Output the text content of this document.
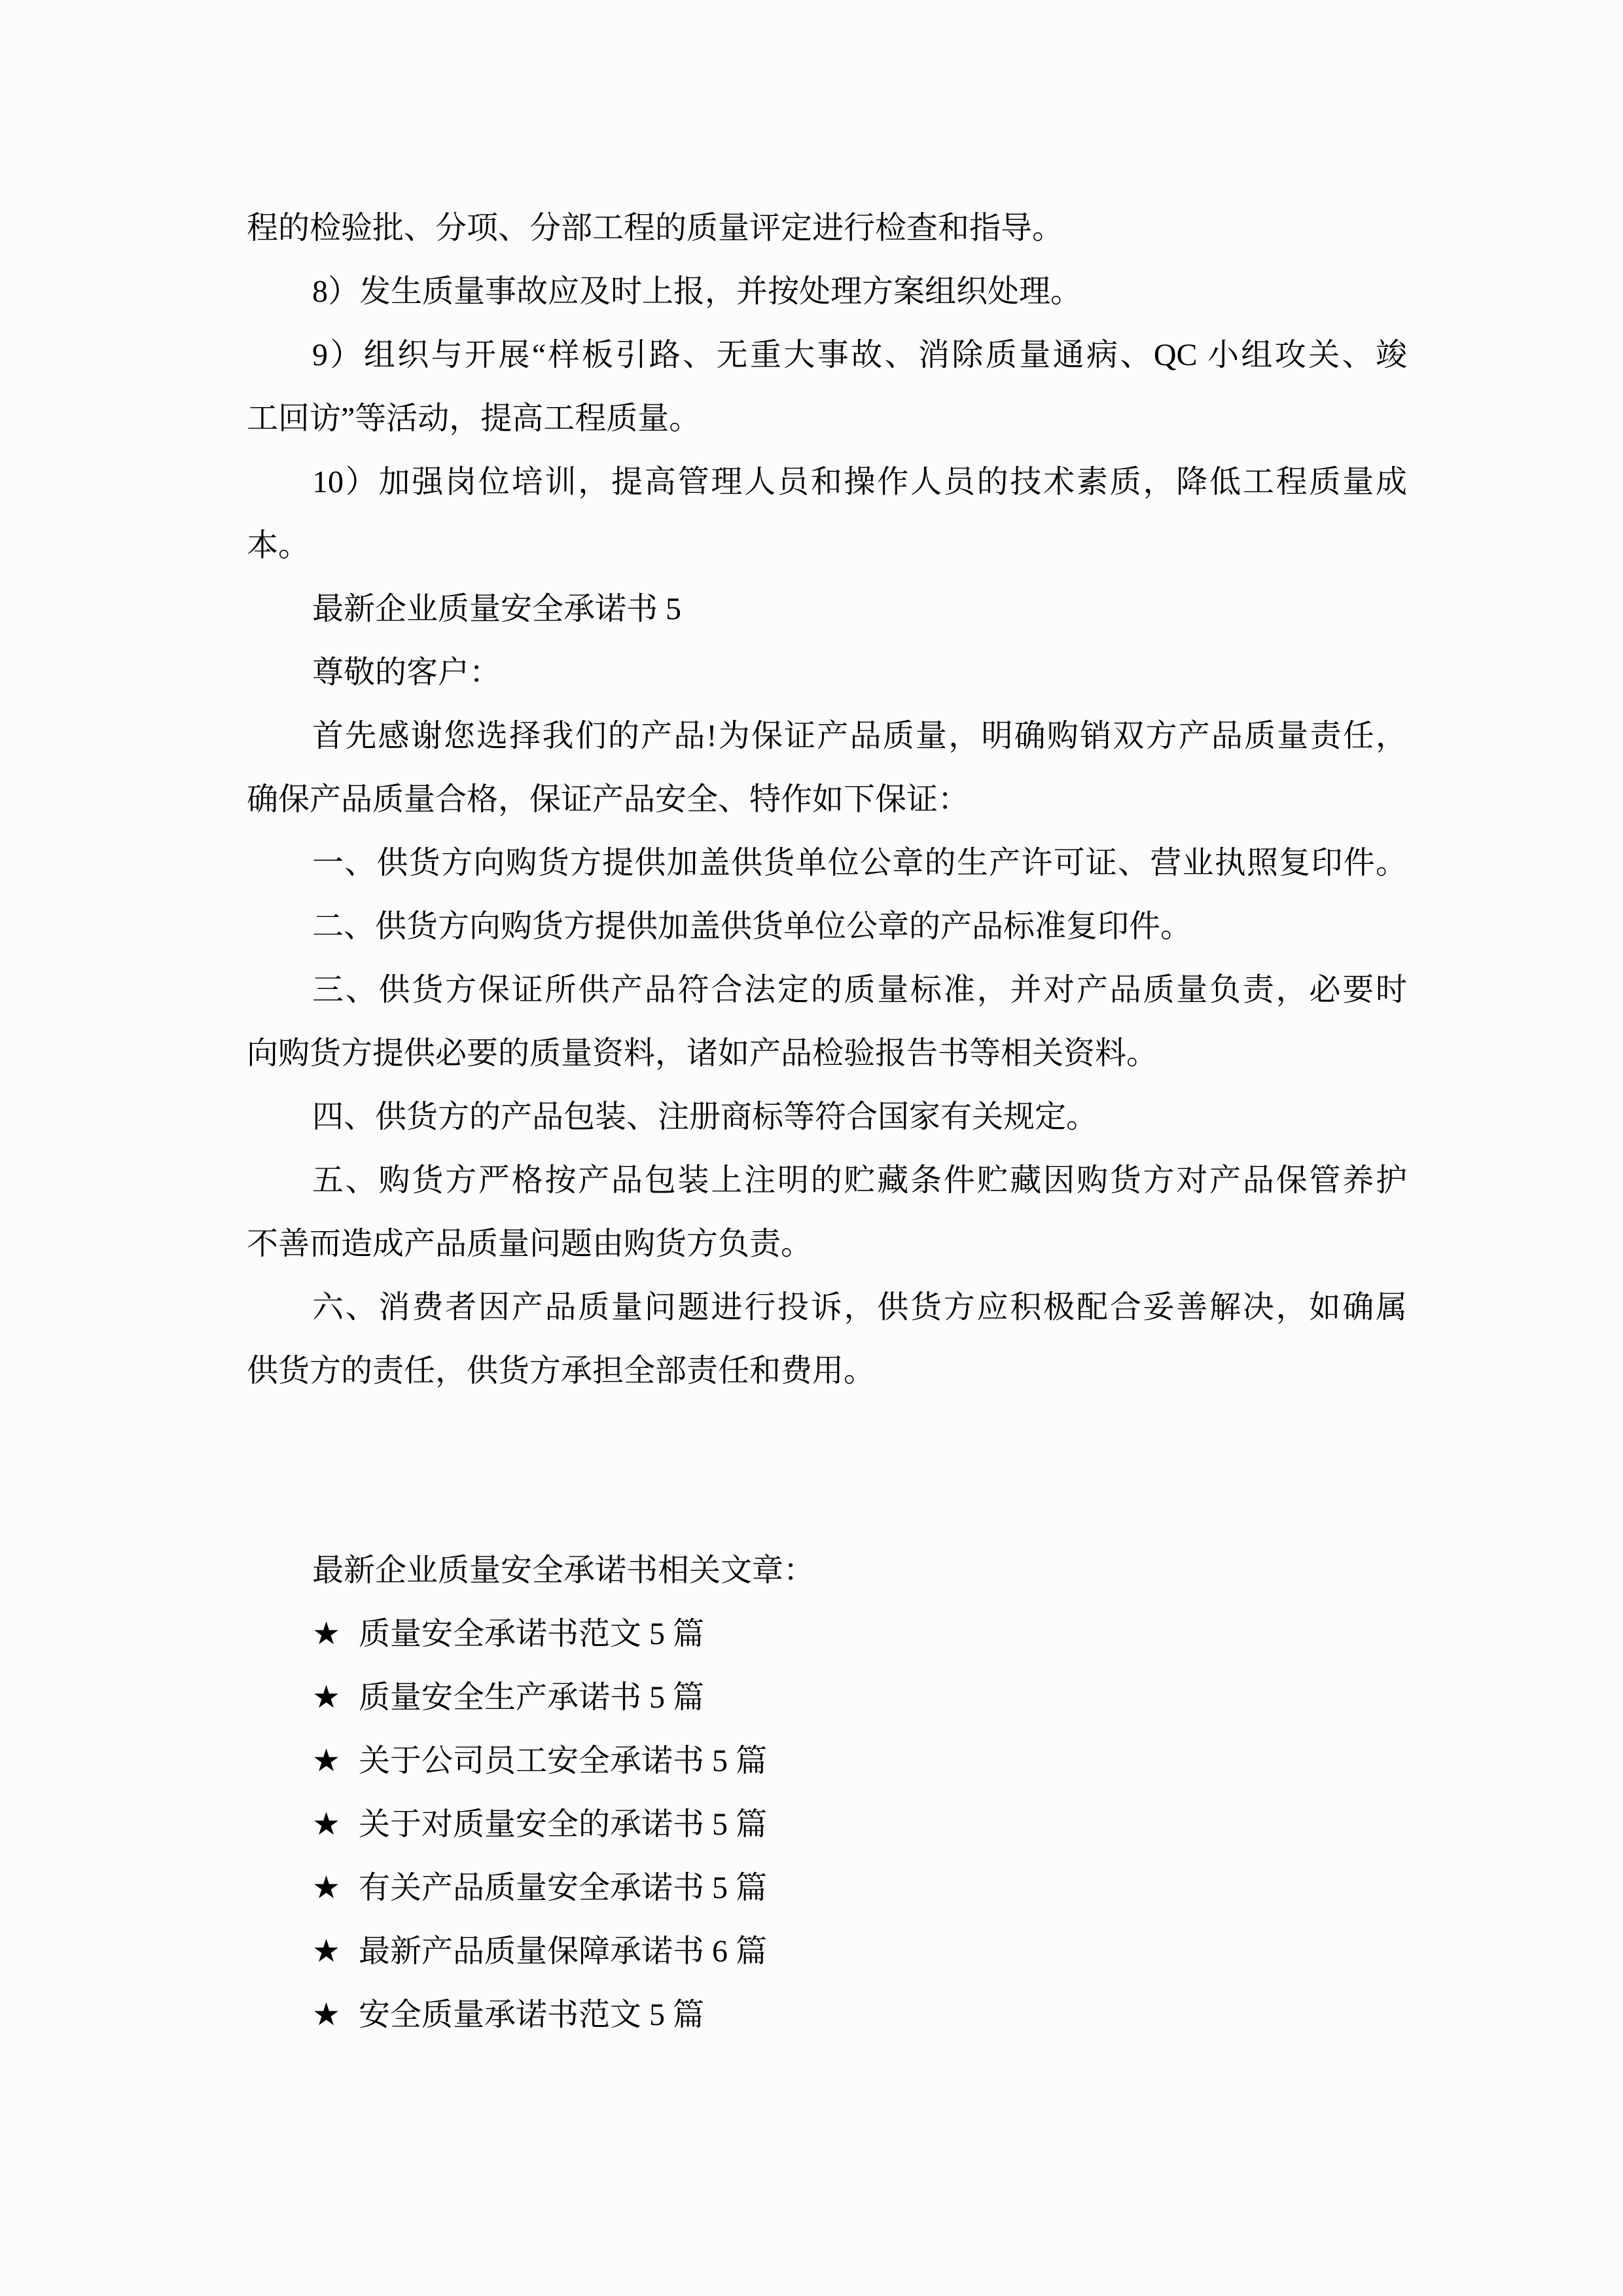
程的检验批、分项、分部工程的质量评定进行检查和指导。
8）发生质量事故应及时上报，并按处理方案组织处理。
9）组织与开展“样板引路、无重大事故、消除质量通病、QC 小组攻关、竣
工回访”等活动，提高工程质量。
10）加强岗位培训，提高管理人员和操作人员的技术素质，降低工程质量成
本。
最新企业质量安全承诺书 5
尊敬的客户：
首先感谢您选择我们的产品!为保证产品质量，明确购销双方产品质量责任，
确保产品质量合格，保证产品安全、特作如下保证：
一、供货方向购货方提供加盖供货单位公章的生产许可证、营业执照复印件。
二、供货方向购货方提供加盖供货单位公章的产品标准复印件。
三、供货方保证所供产品符合法定的质量标准，并对产品质量负责，必要时
向购货方提供必要的质量资料，诸如产品检验报告书等相关资料。
四、供货方的产品包装、注册商标等符合国家有关规定。
五、购货方严格按产品包装上注明的贮藏条件贮藏因购货方对产品保管养护
不善而造成产品质量问题由购货方负责。
六、消费者因产品质量问题进行投诉，供货方应积极配合妥善解决，如确属
供货方的责任，供货方承担全部责任和费用。
最新企业质量安全承诺书相关文章：
★ 质量安全承诺书范文 5 篇
★ 质量安全生产承诺书 5 篇
★ 关于公司员工安全承诺书 5 篇
★ 关于对质量安全的承诺书 5 篇
★ 有关产品质量安全承诺书 5 篇
★ 最新产品质量保障承诺书 6 篇
★ 安全质量承诺书范文 5 篇
